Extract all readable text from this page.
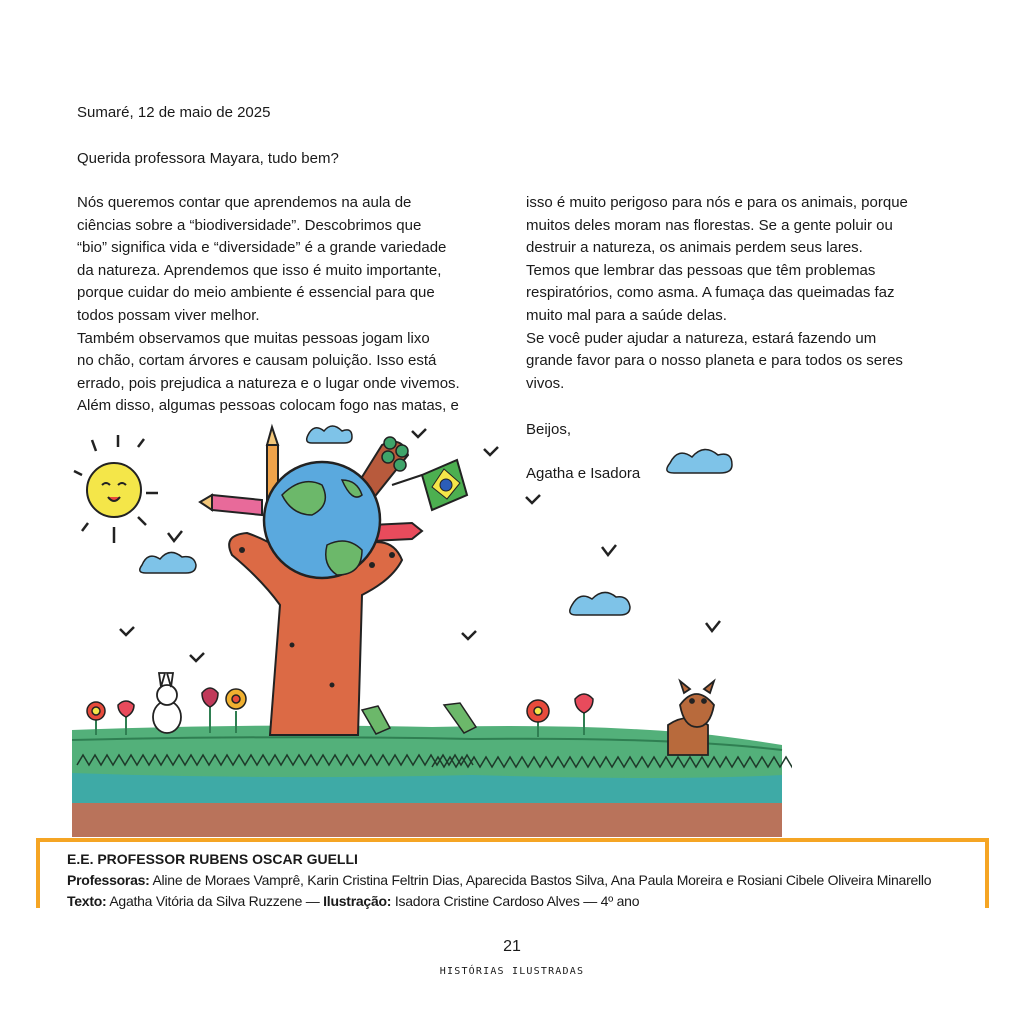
Sumaré, 12 de maio de 2025
Querida professora Mayara, tudo bem?
Nós queremos contar que aprendemos na aula de
ciências sobre a “biodiversidade”. Descobrimos que
“bio” significa vida e “diversidade” é a grande variedade
da natureza. Aprendemos que isso é muito importante,
porque cuidar do meio ambiente é essencial para que
todos possam viver melhor.
Também observamos que muitas pessoas jogam lixo
no chão, cortam árvores e causam poluição. Isso está
errado, pois prejudica a natureza e o lugar onde vivemos.
Além disso, algumas pessoas colocam fogo nas matas, e
isso é muito perigoso para nós e para os animais, porque
muitos deles moram nas florestas. Se a gente poluir ou
destruir a natureza, os animais perdem seus lares.
Temos que lembrar das pessoas que têm problemas
respiratórios, como asma. A fumaça das queimadas faz
muito mal para a saúde delas.
Se você puder ajudar a natureza, estará fazendo um
grande favor para o nosso planeta e para todos os seres
vivos.
Beijos,
Agatha e Isadora
E.E. PROFESSOR RUBENS OSCAR GUELLI
Professoras: Aline de Moraes Vamprê, Karin Cristina Feltrin Dias, Aparecida Bastos Silva, Ana Paula Moreira e Rosiani Cibele Oliveira Minarello
Texto: Agatha Vitória da Silva Ruzzene — Ilustração: Isadora Cristine Cardoso Alves — 4º ano
21
HISTÓRIAS ILUSTRADAS
